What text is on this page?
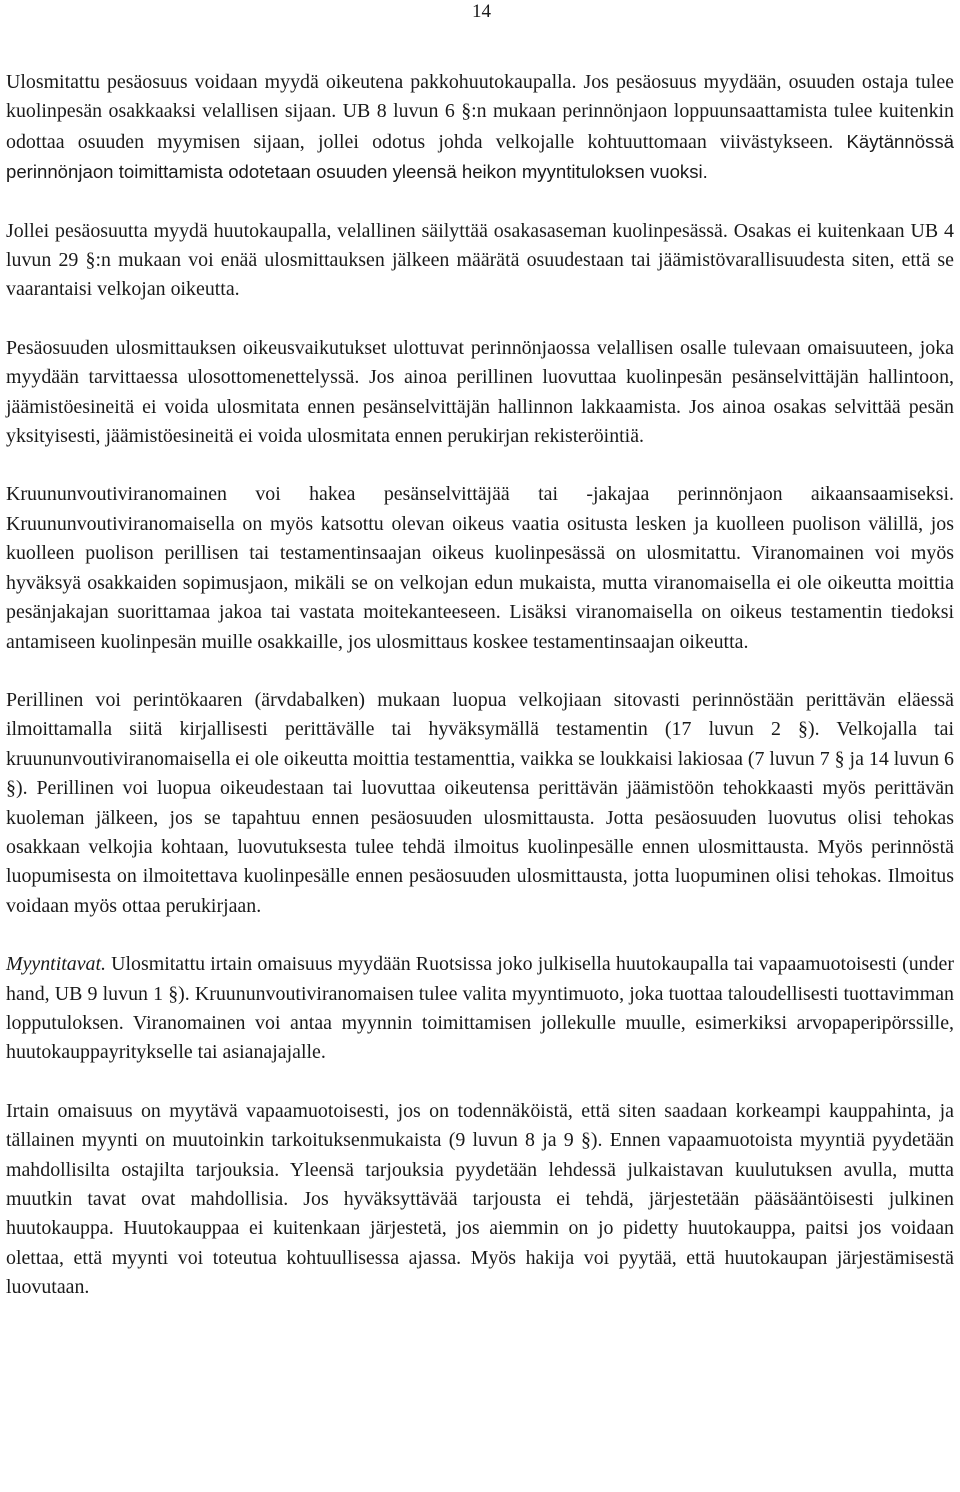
14

Ulosmitattu pesäosuus voidaan myydä oikeutena pakkohuutokaupalla. Jos pesäosuus myydään, osuuden ostaja tulee kuolinpesän osakkaaksi velallisen sijaan. UB 8 luvun 6 §:n mukaan perinnönjaon loppuunsaattamista tulee kuitenkin odottaa osuuden myymisen sijaan, jollei odotus johda velkojalle kohtuuttomaan viivästykseen. Käytännössä perinnönjaon toimittamista odotetaan osuuden yleensä heikon myyntituloksen vuoksi.

Jollei pesäosuutta myydä huutokaupalla, velallinen säilyttää osakasaseman kuolinpesässä. Osakas ei kuitenkaan UB 4 luvun 29 §:n mukaan voi enää ulosmittauksen jälkeen määrätä osuudestaan tai jäämistövarallisuudesta siten, että se vaarantaisi velkojan oikeutta.

Pesäosuuden ulosmittauksen oikeusvaikutukset ulottuvat perinnönjaossa velallisen osalle tulevaan omaisuuteen, joka myydään tarvittaessa ulosottomenettelyssä. Jos ainoa perillinen luovuttaa kuolinpesän pesänselvittäjän hallintoon, jäämistöesineitä ei voida ulosmitata ennen pesänselvittäjän hallinnon lakkaamista. Jos ainoa osakas selvittää pesän yksityisesti, jäämistöesineitä ei voida ulosmitata ennen perukirjan rekisteröintiä.

Kruununvoutiviranomainen voi hakea pesänselvittäjää tai -jakajaa perinnönjaon aikaansaamiseksi. Kruununvoutiviranomaisella on myös katsottu olevan oikeus vaatia ositusta lesken ja kuolleen puolison välillä, jos kuolleen puolison perillisen tai testamentinsaajan oikeus kuolinpesässä on ulosmitattu. Viranomainen voi myös hyväksyä osakkaiden sopimusjaon, mikäli se on velkojan edun mukaista, mutta viranomaisella ei ole oikeutta moittia pesänjakajan suorittamaa jakoa tai vastata moitekanteeseen. Lisäksi viranomaisella on oikeus testamentin tiedoksi antamiseen kuolinpesän muille osakkaille, jos ulosmittaus koskee testamentinsaajan oikeutta.

Perillinen voi perintökaaren (ärvdabalken) mukaan luopua velkojiaan sitovasti perinnöstään perittävän eläessä ilmoittamalla siitä kirjallisesti perittävälle tai hyväksymällä testamentin (17 luvun 2 §). Velkojalla tai kruununvoutiviranomaisella ei ole oikeutta moittia testamenttia, vaikka se loukkaisi lakiosaa (7 luvun 7 § ja 14 luvun 6 §). Perillinen voi luopua oikeudestaan tai luovuttaa oikeutensa perittävän jäämistöön tehokkaasti myös perittävän kuoleman jälkeen, jos se tapahtuu ennen pesäosuuden ulosmittausta. Jotta pesäosuuden luovutus olisi tehokas osakkaan velkojia kohtaan, luovutuksesta tulee tehdä ilmoitus kuolinpesälle ennen ulosmittausta. Myös perinnöstä luopumisesta on ilmoitettava kuolinpesälle ennen pesäosuuden ulosmittausta, jotta luopuminen olisi tehokas. Ilmoitus voidaan myös ottaa perukirjaan.

Myyntitavat. Ulosmitattu irtain omaisuus myydään Ruotsissa joko julkisella huutokaupalla tai vapaamuotoisesti (under hand, UB 9 luvun 1 §). Kruununvoutiviranomaisen tulee valita myyntimuoto, joka tuottaa taloudellisesti tuottavimman lopputuloksen. Viranomainen voi antaa myynnin toimittamisen jollekulle muulle, esimerkiksi arvopaperipörssille, huutokauppayritykselle tai asianajajalle.

Irtain omaisuus on myytävä vapaamuotoisesti, jos on todennäköistä, että siten saadaan korkeampi kauppahinta, ja tällainen myynti on muutoinkin tarkoituksenmukaista (9 luvun 8 ja 9 §). Ennen vapaamuotoista myyntiä pyydetään mahdollisilta ostajilta tarjouksia. Yleensä tarjouksia pyydetään lehdessä julkaistavan kuulutuksen avulla, mutta muutkin tavat ovat mahdollisia. Jos hyväksyttävää tarjousta ei tehdä, järjestetään pääsääntöisesti julkinen huutokauppa. Huutokauppaa ei kuitenkaan järjestetä, jos aiemmin on jo pidetty huutokauppa, paitsi jos voidaan olettaa, että myynti voi toteutua kohtuullisessa ajassa. Myös hakija voi pyytää, että huutokaupan järjestämisestä luovutaan.
